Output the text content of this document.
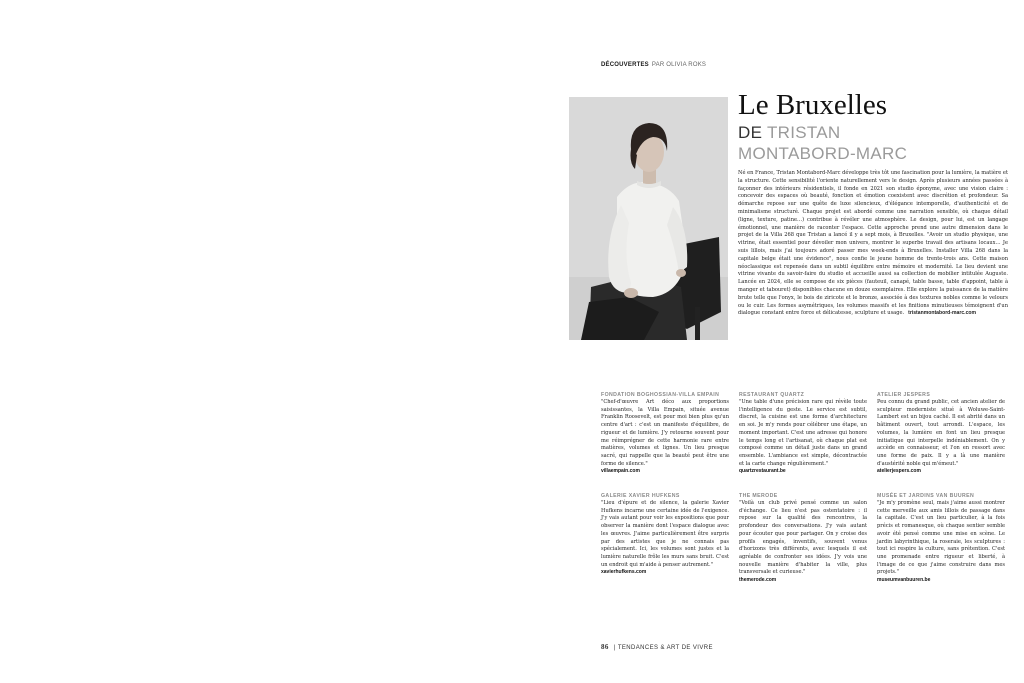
DÉCOUVERTES PAR OLIVIA ROKS
Le Bruxelles
DE TRISTAN
MONTABORD-MARC
Né en France, Tristan Montabord-Marc développe très tôt une fascination pour la lumière, la matière et la structure. Cette sensibilité l'oriente naturellement vers le design. Après plusieurs années passées à façonner des intérieurs résidentiels, il fonde en 2021 son studio éponyme, avec une vision claire : concevoir des espaces où beauté, fonction et émotion coexistent avec discrétion et profondeur. Sa démarche repose sur une quête de luxe silencieux, d'élégance intemporelle, d'authenticité et de minimalisme structuré. Chaque projet est abordé comme une narration sensible, où chaque détail (ligne, texture, patine…) contribue à révéler une atmosphère. Le design, pour lui, est un langage émotionnel, une manière de raconter l'espace. Cette approche prend une autre dimension dans le projet de la Villa 268 que Tristan a lancé il y a sept mois, à Bruxelles. "Avoir un studio physique, une vitrine, était essentiel pour dévoiler mon univers, montrer le superbe travail des artisans locaux… Je suis lillois, mais j'ai toujours adoré passer mes week-ends à Bruxelles. Installer Villa 268 dans la capitale belge était une évidence", nous confie le jeune homme de trente-trois ans. Cette maison néoclassique est repensée dans un subtil équilibre entre mémoire et modernité. Le lieu devient une vitrine vivante du savoir-faire du studio et accueille aussi sa collection de mobilier intitulée Auguste. Lancée en 2024, elle se compose de six pièces (fauteuil, canapé, table basse, table d'appoint, table à manger et tabouret) disponibles chacune en douze exemplaires. Elle explore la puissance de la matière brute telle que l'onyx, le bois de ziricote et le bronze, associée à des textures nobles comme le velours ou le cuir. Les formes asymétriques, les volumes massifs et les finitions minutieuses témoignent d'un dialogue constant entre force et délicatesse, sculpture et usage. tristanmontabord-marc.com
FONDATION BOGHOSSIAN-VILLA EMPAIN

"Chef-d'œuvre Art déco aux proportions saisissantes, la Villa Empain, située avenue Franklin Roosevelt, est pour moi bien plus qu'un centre d'art : c'est un manifeste d'équilibre, de rigueur et de lumière. J'y retourne souvent pour me réimprégner de cette harmonie rare entre matières, volumes et lignes. Un lieu presque sacré, qui rappelle que la beauté peut être une forme de silence."

villaempain.com
RESTAURANT QUARTZ

"Une table d'une précision rare qui révèle toute l'intelligence du geste. Le service est subtil, discret, la cuisine est une forme d'architecture en soi. Je m'y rends pour célébrer une étape, un moment important. C'est une adresse qui honore le temps long et l'artisanat, où chaque plat est composé comme un détail juste dans un grand ensemble. L'ambiance est simple, décontractée et la carte change régulièrement."

quartzrestaurant.be
ATELIER JESPERS

Peu connu du grand public, cet ancien atelier de sculpteur moderniste situé à Woluwe-Saint-Lambert est un bijou caché. Il est abrité dans un bâtiment ouvert, tout arrondi. L'espace, les volumes, la lumière en font un lieu presque initiatique qui interpelle indéniablement. On y accède en connaisseur, et l'on en ressort avec une forme de paix. Il y a là une manière d'austérité noble qui m'émeut."

atelierjespers.com
GALERIE XAVIER HUFKENS

"Lieu d'épure et de silence, la galerie Xavier Hufkens incarne une certaine idée de l'exigence. J'y vais autant pour voir les expositions que pour observer la manière dont l'espace dialogue avec les œuvres. J'aime particulièrement être surpris par des artistes que je ne connais pas spécialement. Ici, les volumes sont justes et la lumière naturelle frôle les murs sans bruit. C'est un endroit qui m'aide à penser autrement."

xavierhufkens.com
THE MERODE

"Voilà un club privé pensé comme un salon d'échange. Ce lieu n'est pas ostentatoire : il repose sur la qualité des rencontres, la profondeur des conversations. J'y vais autant pour écouter que pour partager. On y croise des profils engagés, inventifs, souvent venus d'horizons très différents, avec lesquels il est agréable de confronter ses idées. J'y vois une nouvelle manière d'habiter la ville, plus transversale et curieuse."

themerode.com
MUSÉE ET JARDINS VAN BUUREN

"Je m'y promène seul, mais j'aime aussi montrer cette merveille aux amis lillois de passage dans la capitale. C'est un lieu particulier, à la fois précis et romanesque, où chaque sentier semble avoir été pensé comme une mise en scène. Le jardin labyrinthique, la roseraie, les sculptures : tout ici respire la culture, sans prétention. C'est une promenade entre rigueur et liberté, à l'image de ce que j'aime construire dans mes projets."

museumvanbuuren.be
86 | TENDANCES & ART DE VIVRE
